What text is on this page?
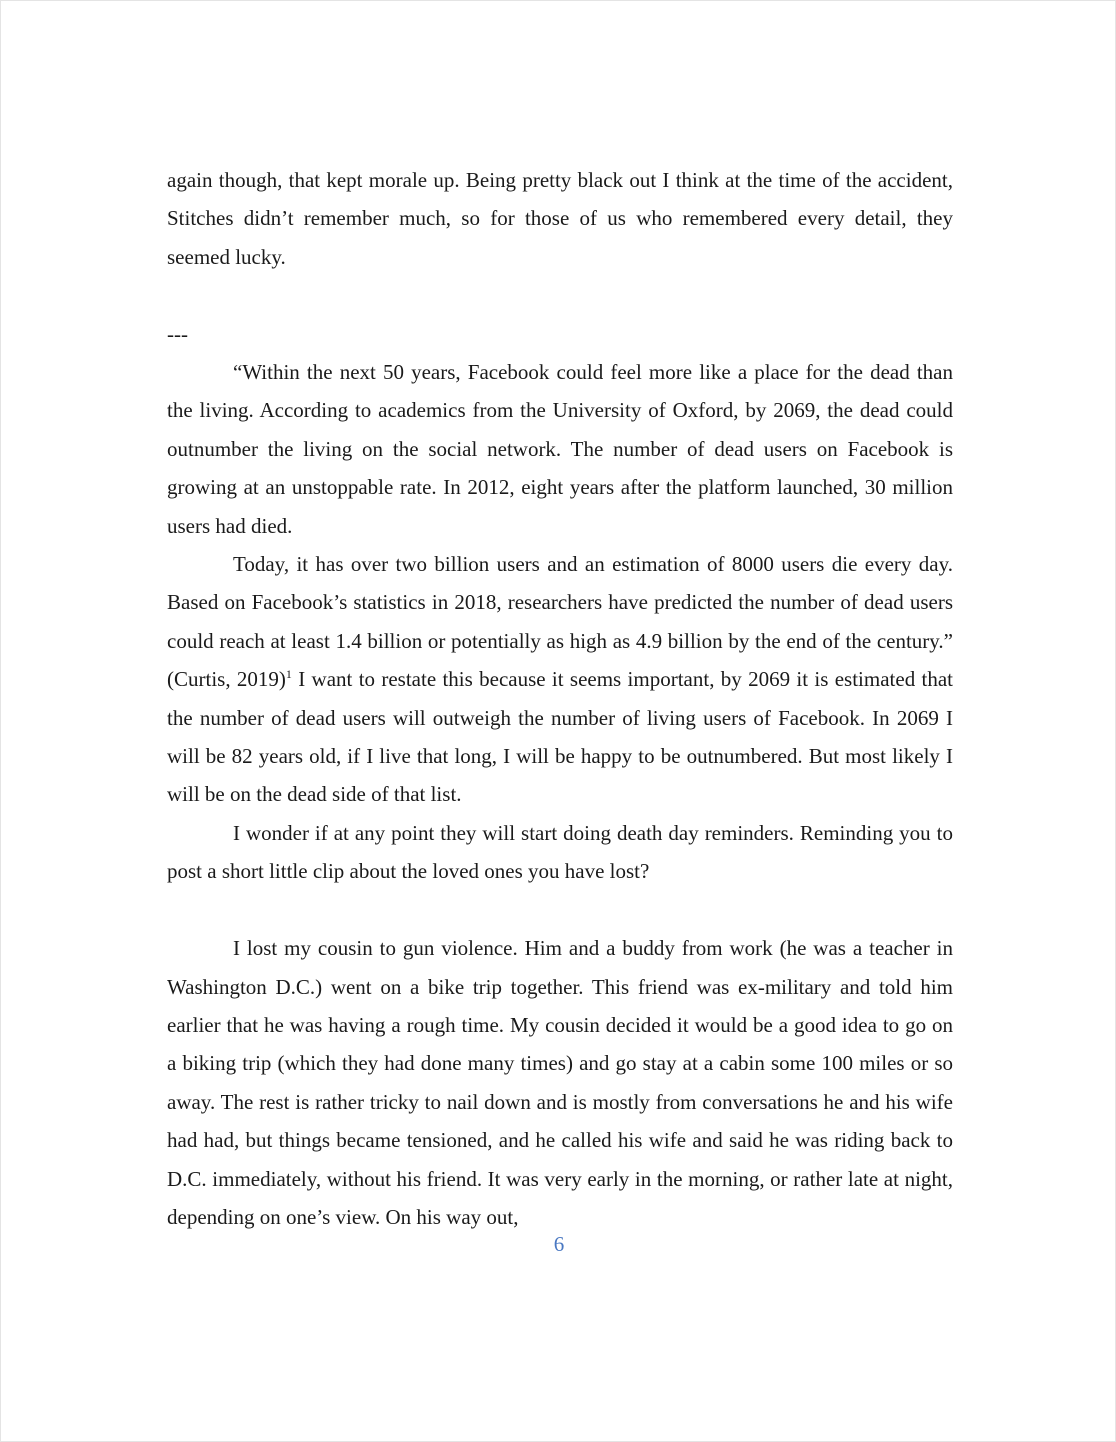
again though, that kept morale up. Being pretty black out I think at the time of the accident, Stitches didn’t remember much, so for those of us who remembered every detail, they seemed lucky.

---

“Within the next 50 years, Facebook could feel more like a place for the dead than the living. According to academics from the University of Oxford, by 2069, the dead could outnumber the living on the social network. The number of dead users on Facebook is growing at an unstoppable rate. In 2012, eight years after the platform launched, 30 million users had died.

Today, it has over two billion users and an estimation of 8000 users die every day. Based on Facebook’s statistics in 2018, researchers have predicted the number of dead users could reach at least 1.4 billion or potentially as high as 4.9 billion by the end of the century.” (Curtis, 2019)$^1$ I want to restate this because it seems important, by 2069 it is estimated that the number of dead users will outweigh the number of living users of Facebook. In 2069 I will be 82 years old, if I live that long, I will be happy to be outnumbered. But most likely I will be on the dead side of that list.

I wonder if at any point they will start doing death day reminders. Reminding you to post a short little clip about the loved ones you have lost?

I lost my cousin to gun violence. Him and a buddy from work (he was a teacher in Washington D.C.) went on a bike trip together. This friend was ex-military and told him earlier that he was having a rough time. My cousin decided it would be a good idea to go on a biking trip (which they had done many times) and go stay at a cabin some 100 miles or so away. The rest is rather tricky to nail down and is mostly from conversations he and his wife had had, but things became tensioned, and he called his wife and said he was riding back to D.C. immediately, without his friend. It was very early in the morning, or rather late at night, depending on one’s view. On his way out,

6
